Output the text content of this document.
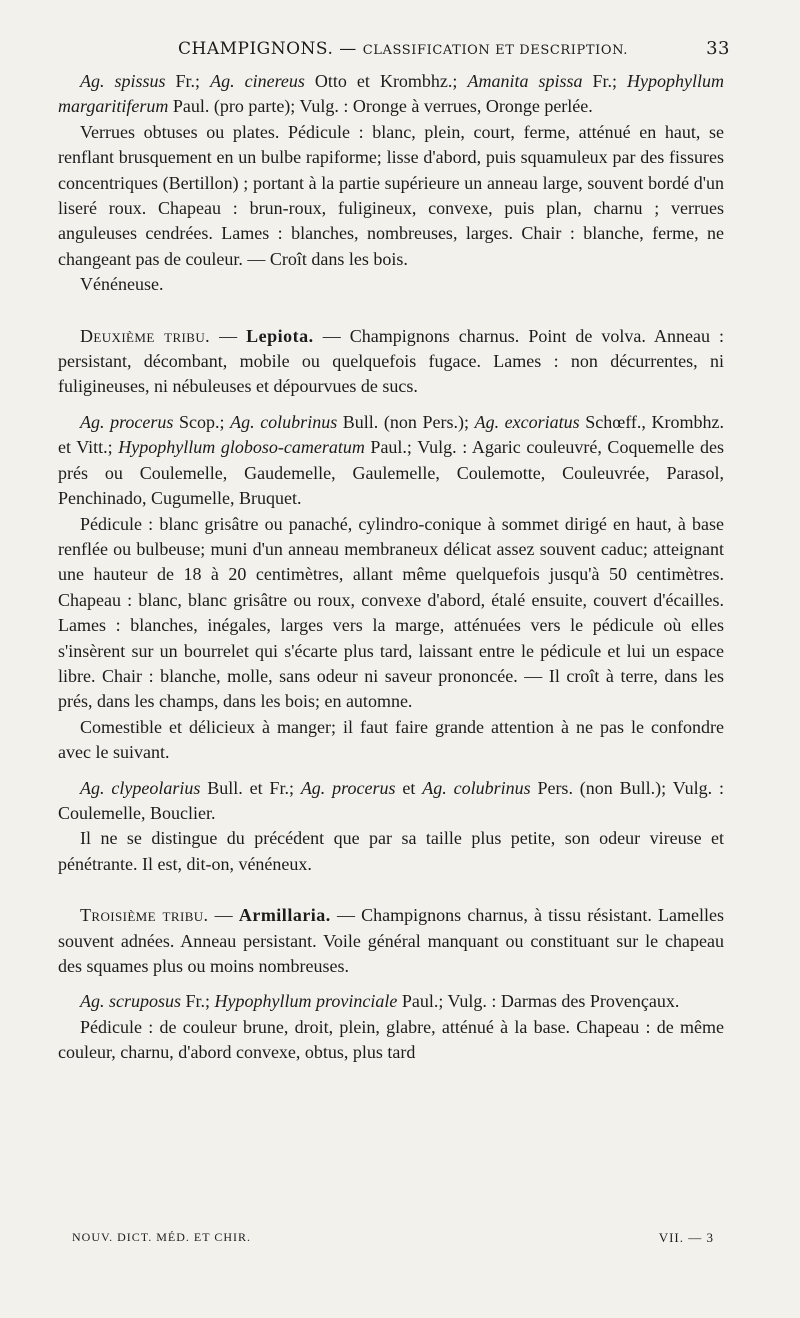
CHAMPIGNONS. — CLASSIFICATION ET DESCRIPTION.	33

Ag. spissus Fr.; Ag. cinereus Otto et Krombhz.; Amanita spissa Fr.; Hypophyllum margaritiferum Paul. (pro parte); Vulg. : Oronge à verrues, Oronge perlée.

Verrues obtuses ou plates. Pédicule : blanc, plein, court, ferme, atténué en haut, se renflant brusquement en un bulbe rapiforme; lisse d'abord, puis squamuleux par des fissures concentriques (Bertillon) ; portant à la partie supérieure un anneau large, souvent bordé d'un liseré roux. Chapeau : brun-roux, fuligineux, convexe, puis plan, charnu ; verrues anguleuses cendrées. Lames : blanches, nombreuses, larges. Chair : blanche, ferme, ne changeant pas de couleur. — Croît dans les bois.

Vénéneuse.

Deuxième tribu. — Lepiota. — Champignons charnus. Point de volva. Anneau : persistant, décombant, mobile ou quelquefois fugace. Lames : non décurrentes, ni fuligineuses, ni nébuleuses et dépourvues de sucs.

Ag. procerus Scop.; Ag. colubrinus Bull. (non Pers.); Ag. excoriatus Schœff., Krombhz. et Vitt.; Hypophyllum globoso-cameratum Paul.; Vulg. : Agaric couleuvré, Coquemelle des prés ou Coulemelle, Gaudemelle, Gaulemelle, Coulemotte, Couleuvrée, Parasol, Penchinado, Cugumelle, Bruquet.

Pédicule : blanc grisâtre ou panaché, cylindro-conique à sommet dirigé en haut, à base renflée ou bulbeuse; muni d'un anneau membraneux délicat assez souvent caduc; atteignant une hauteur de 18 à 20 centimètres, allant même quelquefois jusqu'à 50 centimètres. Chapeau : blanc, blanc grisâtre ou roux, convexe d'abord, étalé ensuite, couvert d'écailles. Lames : blanches, inégales, larges vers la marge, atténuées vers le pédicule où elles s'insèrent sur un bourrelet qui s'écarte plus tard, laissant entre le pédicule et lui un espace libre. Chair : blanche, molle, sans odeur ni saveur prononcée. — Il croît à terre, dans les prés, dans les champs, dans les bois; en automne.

Comestible et délicieux à manger; il faut faire grande attention à ne pas le confondre avec le suivant.

Ag. clypeolarius Bull. et Fr.; Ag. procerus et Ag. colubrinus Pers. (non Bull.); Vulg. : Coulemelle, Bouclier.

Il ne se distingue du précédent que par sa taille plus petite, son odeur vireuse et pénétrante. Il est, dit-on, vénéneux.

Troisième tribu. — Armillaria. — Champignons charnus, à tissu résistant. Lamelles souvent adnées. Anneau persistant. Voile général manquant ou constituant sur le chapeau des squames plus ou moins nombreuses.

Ag. scruposus Fr.; Hypophyllum provinciale Paul.; Vulg. : Darmas des Provençaux.

Pédicule : de couleur brune, droit, plein, glabre, atténué à la base. Chapeau : de même couleur, charnu, d'abord convexe, obtus, plus tard

NOUV. DICT. MÉD. ET CHIR.	VII. — 3
